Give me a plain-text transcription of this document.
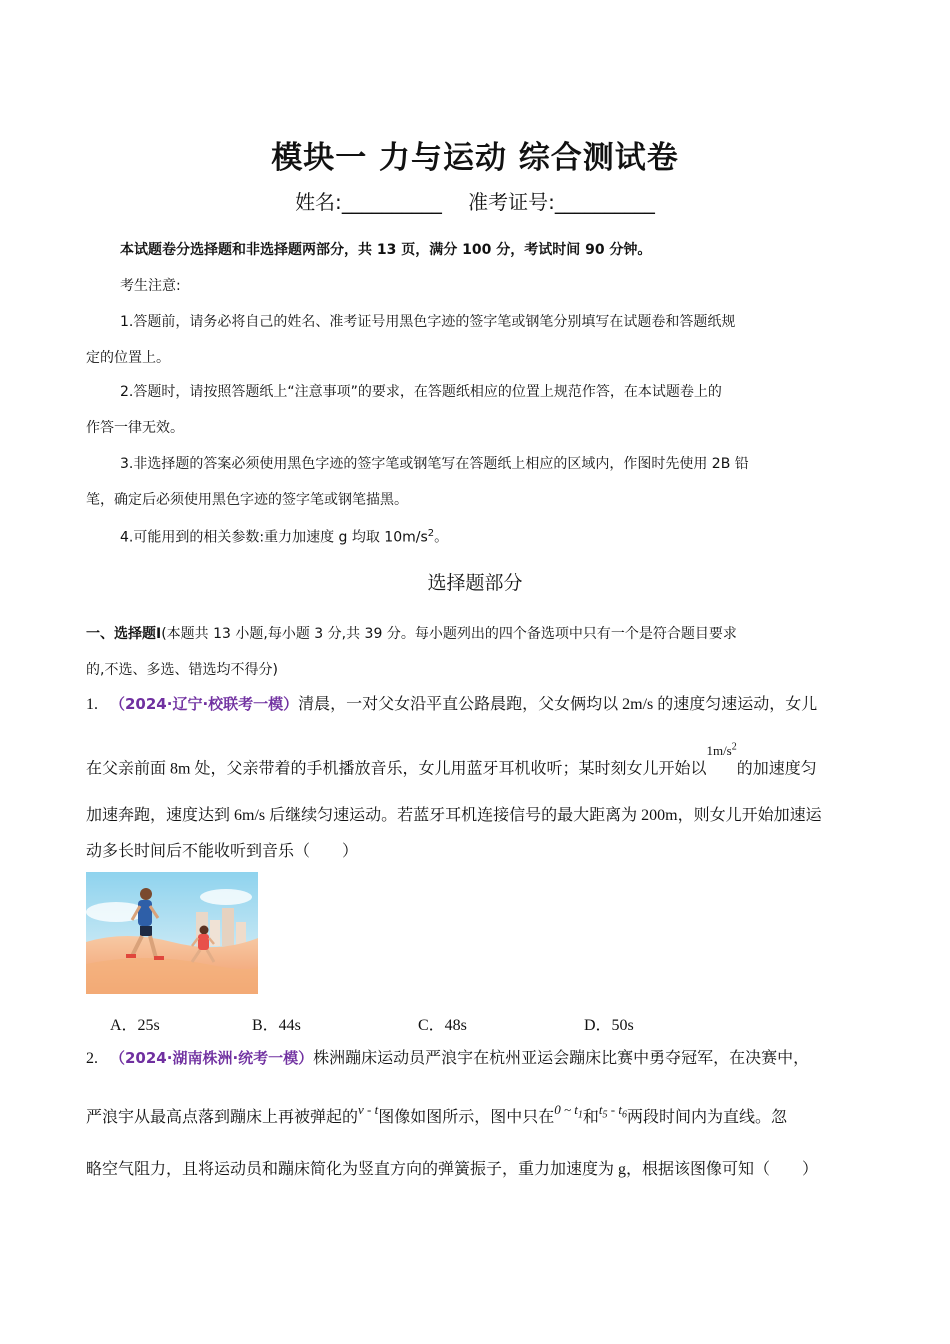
模块一 力与运动 综合测试卷
姓名:__________ 准考证号:__________
本试题卷分选择题和非选择题两部分，共 13 页，满分 100 分，考试时间 90 分钟。
考生注意:
1.答题前，请务必将自己的姓名、准考证号用黑色字迹的签字笔或钢笔分别填写在试题卷和答题纸规
定的位置上。
2.答题时，请按照答题纸上“注意事项”的要求，在答题纸相应的位置上规范作答，在本试题卷上的
作答一律无效。
3.非选择题的答案必须使用黑色字迹的签字笔或钢笔写在答题纸上相应的区域内，作图时先使用 2B 铅
笔，确定后必须使用黑色字迹的签字笔或钢笔描黑。
4.可能用到的相关参数:重力加速度 g 均取 $10m/s^2$。
选择题部分
一、选择题Ⅰ(本题共 13 小题,每小题 3 分,共 39 分。每小题列出的四个备选项中只有一个是符合题目要求
的,不选、多选、错选均不得分)
1. （2024·辽宁·校联考一模）清晨，一对父女沿平直公路晨跑，父女俩均以 2m/s 的速度匀速运动，女儿
在父亲前面 8m 处，父亲带着的手机播放音乐，女儿用蓝牙耳机收听；某时刻女儿开始以$^{1m/s^2}$的加速度匀
加速奔跑，速度达到 6m/s 后继续匀速运动。若蓝牙耳机连接信号的最大距离为 200m，则女儿开始加速运
动多长时间后不能收听到音乐（　　）
A．25s	B．44s	C．48s	D．50s
2. （2024·湖南株洲·统考一模）株洲蹦床运动员严浪宇在杭州亚运会蹦床比赛中勇夺冠军，在决赛中，
严浪宇从最高点落到蹦床上再被弹起的$^{v - t}$图像如图所示，图中只在$^{0 \sim t_1}$和$^{t_5 - t_6}$两段时间内为直线。忽
略空气阻力，且将运动员和蹦床简化为竖直方向的弹簧振子，重力加速度为 g，根据该图像可知（　　）
